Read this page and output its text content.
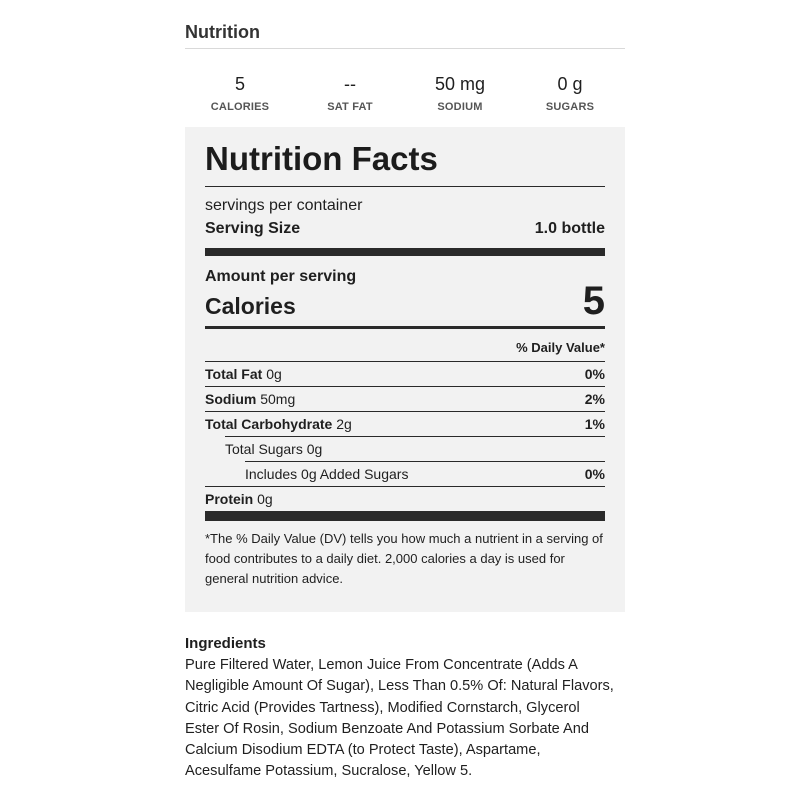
Nutrition
5
CALORIES
--
SAT FAT
50 mg
SODIUM
0 g
SUGARS
Nutrition Facts
servings per container
Serving Size	1.0 bottle
Amount per serving
Calories	5
% Daily Value*
Total Fat 0g	0%
Sodium 50mg	2%
Total Carbohydrate 2g	1%
Total Sugars 0g
Includes 0g Added Sugars	0%
Protein 0g
*The % Daily Value (DV) tells you how much a nutrient in a serving of food contributes to a daily diet. 2,000 calories a day is used for general nutrition advice.
Ingredients
Pure Filtered Water, Lemon Juice From Concentrate (Adds A Negligible Amount Of Sugar), Less Than 0.5% Of: Natural Flavors, Citric Acid (Provides Tartness), Modified Cornstarch, Glycerol Ester Of Rosin, Sodium Benzoate And Potassium Sorbate And Calcium Disodium EDTA (to Protect Taste), Aspartame, Acesulfame Potassium, Sucralose, Yellow 5.
